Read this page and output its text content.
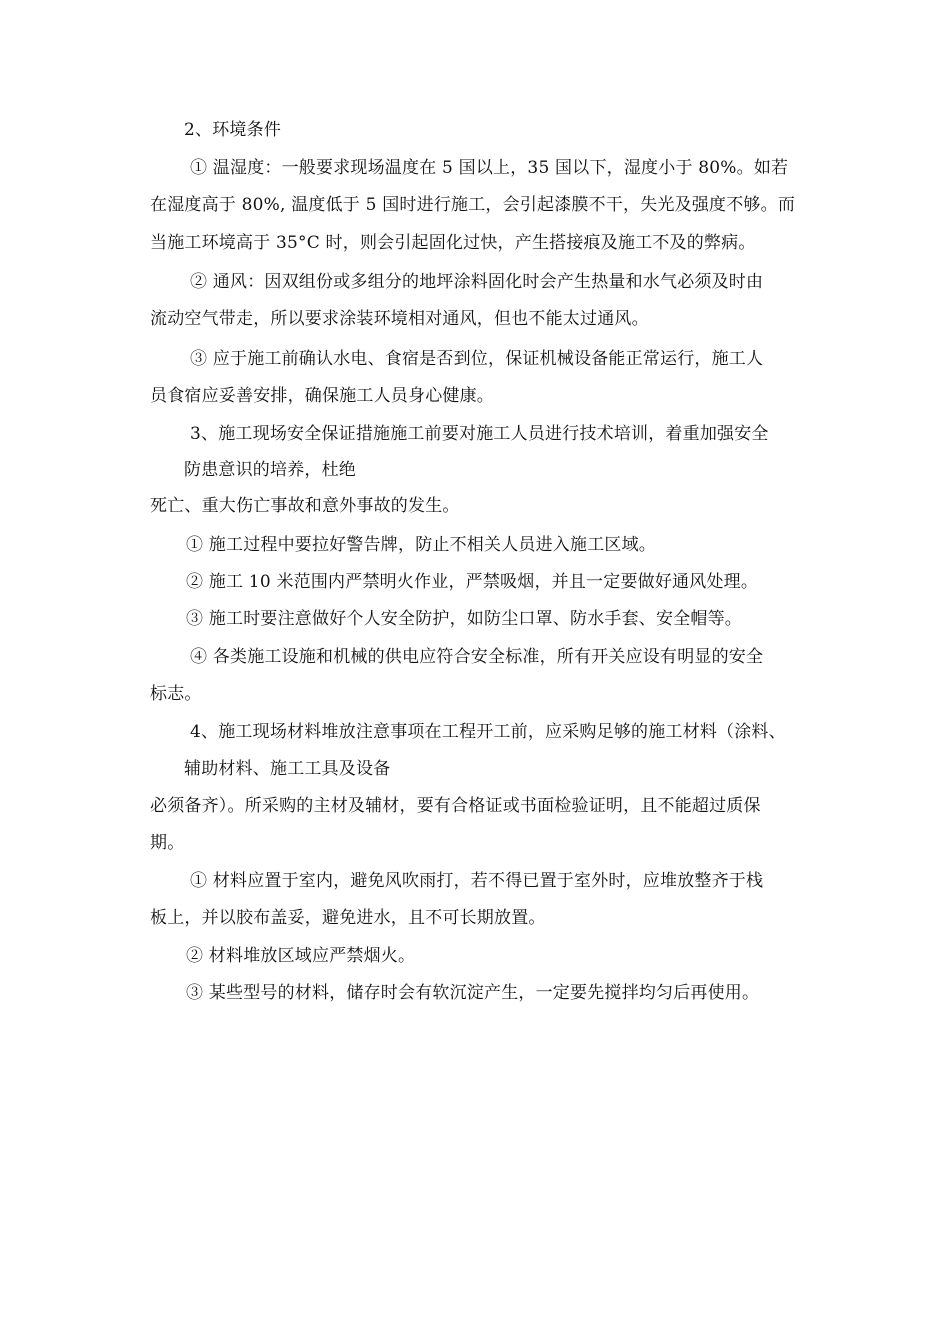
2、环境条件
① 温湿度：一般要求现场温度在 5 国以上，35 国以下，湿度小于 80%。如若
在湿度高于 80%, 温度低于 5 国时进行施工，会引起漆膜不干，失光及强度不够。而
当施工环境高于 35°C 时，则会引起固化过快，产生搭接痕及施工不及的弊病。
② 通风：因双组份或多组分的地坪涂料固化时会产生热量和水气必须及时由
流动空气带走，所以要求涂装环境相对通风，但也不能太过通风。
③ 应于施工前确认水电、食宿是否到位，保证机械设备能正常运行，施工人
员食宿应妥善安排，确保施工人员身心健康。
3、施工现场安全保证措施施工前要对施工人员进行技术培训，着重加强安全
防患意识的培养，杜绝
死亡、重大伤亡事故和意外事故的发生。
① 施工过程中要拉好警告牌，防止不相关人员进入施工区域。
② 施工 10 米范围内严禁明火作业，严禁吸烟，并且一定要做好通风处理。
③ 施工时要注意做好个人安全防护，如防尘口罩、防水手套、安全帽等。
④ 各类施工设施和机械的供电应符合安全标准，所有开关应设有明显的安全
标志。
4、施工现场材料堆放注意事项在工程开工前，应采购足够的施工材料（涂料、
辅助材料、施工工具及设备
必须备齐）。所采购的主材及辅材，要有合格证或书面检验证明，且不能超过质保
期。
① 材料应置于室内，避免风吹雨打，若不得已置于室外时，应堆放整齐于栈
板上，并以胶布盖妥，避免进水，且不可长期放置。
② 材料堆放区域应严禁烟火。
③ 某些型号的材料，储存时会有软沉淀产生，一定要先搅拌均匀后再使用。
